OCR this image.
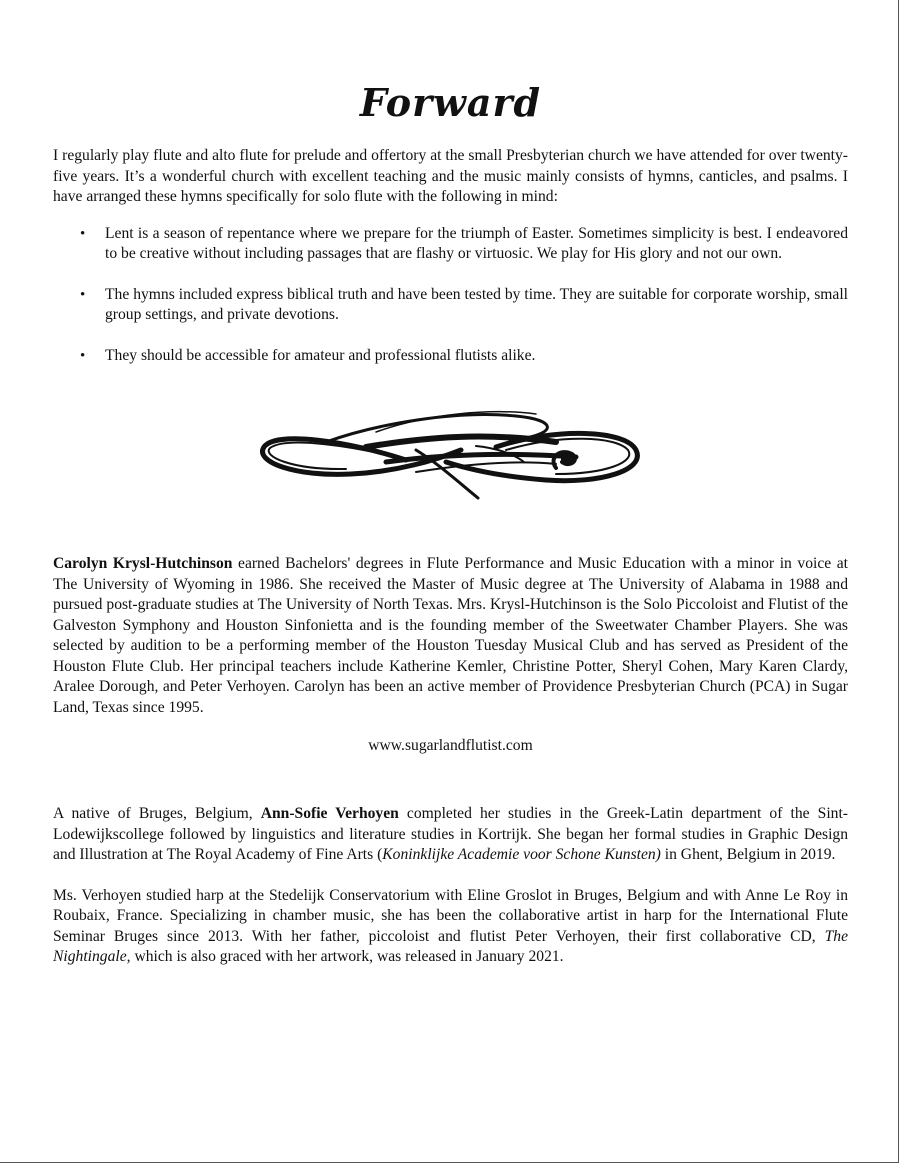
Forward

I regularly play flute and alto flute for prelude and offertory at the small Presbyterian church we have attended for over twenty-five years. It’s a wonderful church with excellent teaching and the music mainly consists of hymns, canticles, and psalms. I have arranged these hymns specifically for solo flute with the following in mind:

• Lent is a season of repentance where we prepare for the triumph of Easter. Sometimes simplicity is best. I endeavored to be creative without including passages that are flashy or virtuosic. We play for His glory and not our own.
• The hymns included express biblical truth and have been tested by time. They are suitable for corporate worship, small group settings, and private devotions.
• They should be accessible for amateur and professional flutists alike.

Carolyn Krysl-Hutchinson earned Bachelors' degrees in Flute Performance and Music Education with a minor in voice at The University of Wyoming in 1986. She received the Master of Music degree at The University of Alabama in 1988 and pursued post-graduate studies at The University of North Texas. Mrs. Krysl-Hutchinson is the Solo Piccoloist and Flutist of the Galveston Symphony and Houston Sinfonietta and is the founding member of the Sweetwater Chamber Players. She was selected by audition to be a performing member of the Houston Tuesday Musical Club and has served as President of the Houston Flute Club. Her principal teachers include Katherine Kemler, Christine Potter, Sheryl Cohen, Mary Karen Clardy, Aralee Dorough, and Peter Verhoyen. Carolyn has been an active member of Providence Presbyterian Church (PCA) in Sugar Land, Texas since 1995.

www.sugarlandflutist.com

A native of Bruges, Belgium, Ann-Sofie Verhoyen completed her studies in the Greek-Latin department of the Sint-Lodewijkscollege followed by linguistics and literature studies in Kortrijk. She began her formal studies in Graphic Design and Illustration at The Royal Academy of Fine Arts (Koninklijke Academie voor Schone Kunsten) in Ghent, Belgium in 2019.

Ms. Verhoyen studied harp at the Stedelijk Conservatorium with Eline Groslot in Bruges, Belgium and with Anne Le Roy in Roubaix, France. Specializing in chamber music, she has been the collaborative artist in harp for the International Flute Seminar Bruges since 2013. With her father, piccoloist and flutist Peter Verhoyen, their first collaborative CD, The Nightingale, which is also graced with her artwork, was released in January 2021.
